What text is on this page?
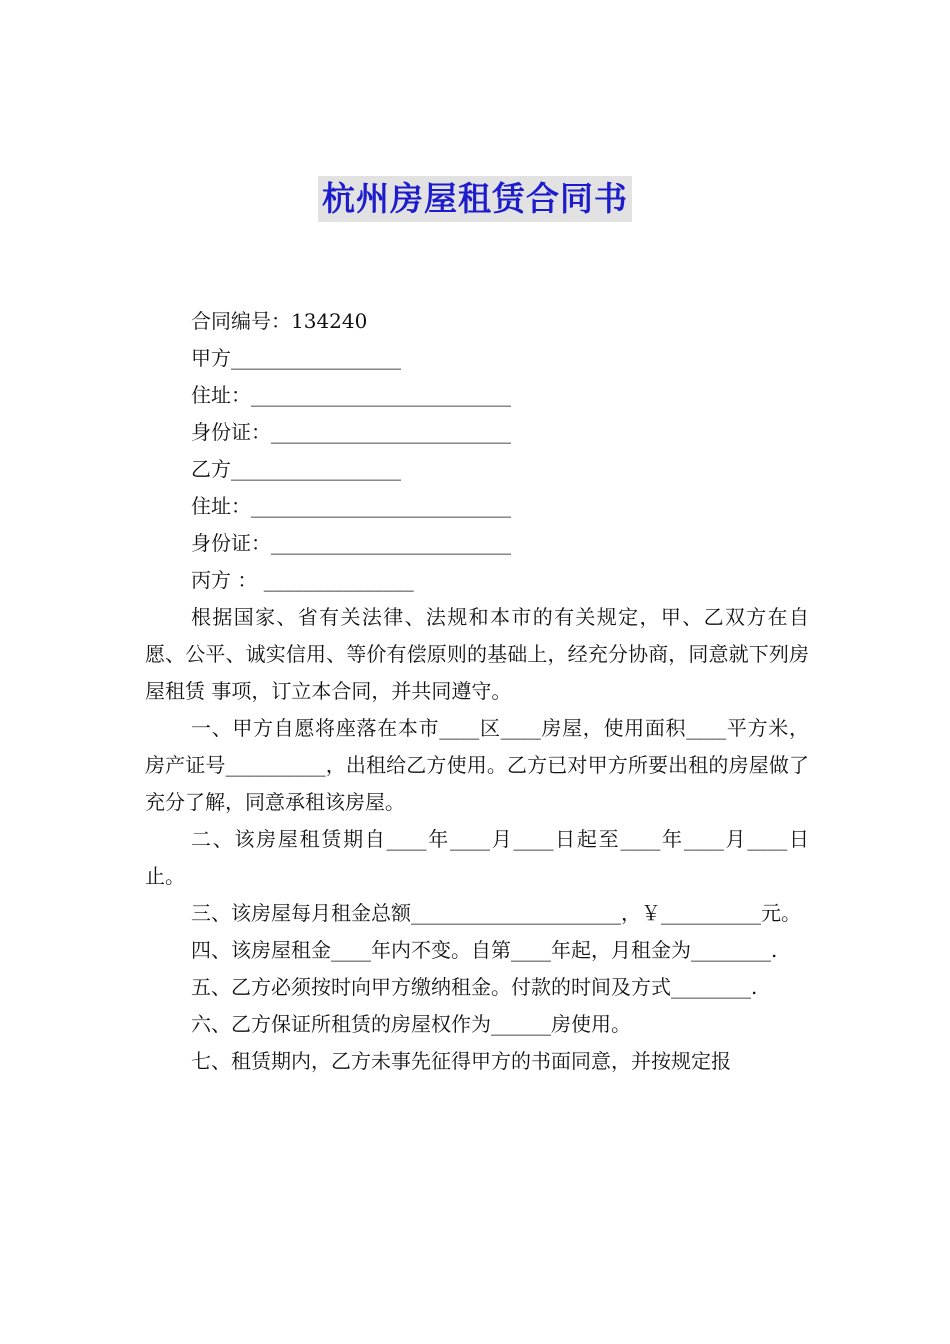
杭州房屋租赁合同书

合同编号：134240

甲方_________________

住址：__________________________

身份证：________________________

乙方_________________

住址：__________________________

身份证：________________________

丙方 ： _______________

根据国家、省有关法律、法规和本市的有关规定，甲、乙双方在自愿、公平、诚实信用、等价有偿原则的基础上，经充分协商，同意就下列房屋租赁 事项，订立本合同，并共同遵守。

一、甲方自愿将座落在本市____区____房屋，使用面积____平方米，房产证号__________，出租给乙方使用。乙方已对甲方所要出租的房屋做了充分了解，同意承租该房屋。

二、该房屋租赁期自____年____月____日起至____年____月____日止。

三、该房屋每月租金总额_____________________，￥__________元。

四、该房屋租金____年内不变。自第____年起，月租金为________.

五、乙方必须按时向甲方缴纳租金。付款的时间及方式________.

六、乙方保证所租赁的房屋权作为______房使用。

七、租赁期内，乙方未事先征得甲方的书面同意，并按规定报
